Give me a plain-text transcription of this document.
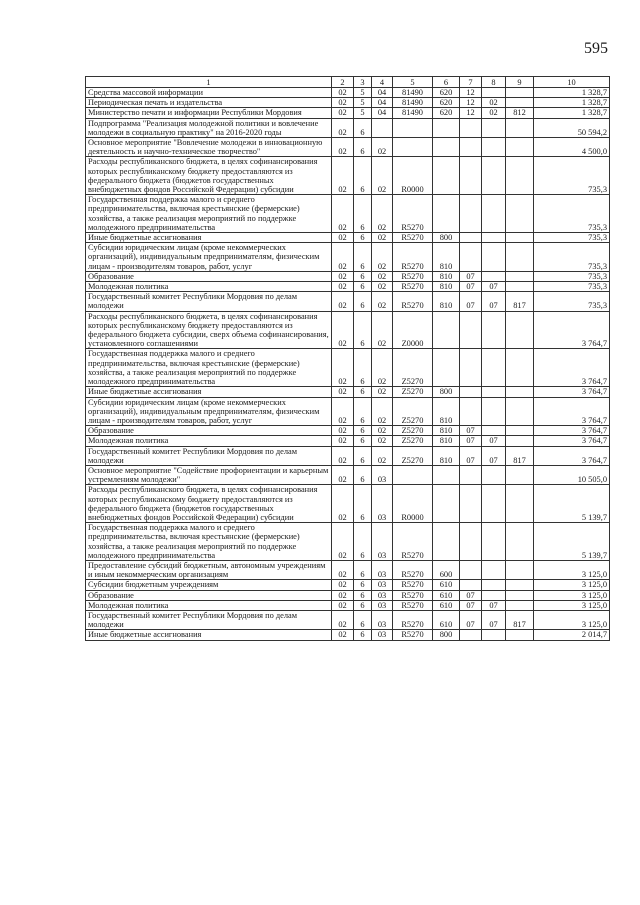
595
1	2	3	4	5	6	7	8	9	10
Средства массовой информации	02	5	04	81490	620	12			1 328,7
Периодическая печать и издательства	02	5	04	81490	620	12	02		1 328,7
Министерство печати и информации Республики Мордовия	02	5	04	81490	620	12	02	812	1 328,7
Подпрограмма "Реализация молодежной политики и вовлечение молодежи в социальную практику" на 2016-2020 годы	02	6							50 594,2
Основное мероприятие "Вовлечение молодежи в инновационную деятельность и научно-техническое творчество"	02	6	02						4 500,0
Расходы республиканского бюджета, в целях софинансирования которых республиканскому бюджету предоставляются из федерального бюджета (бюджетов государственных внебюджетных фондов Российской Федерации) субсидии	02	6	02	R0000					735,3
Государственная поддержка малого и среднего предпринимательства, включая крестьянские (фермерские) хозяйства, а также реализация мероприятий по поддержке молодежного предпринимательства	02	6	02	R5270					735,3
Иные бюджетные ассигнования	02	6	02	R5270	800				735,3
Субсидии юридическим лицам (кроме некоммерческих организаций), индивидуальным предпринимателям, физическим лицам - производителям товаров, работ, услуг	02	6	02	R5270	810				735,3
Образование	02	6	02	R5270	810	07			735,3
Молодежная политика	02	6	02	R5270	810	07	07		735,3
Государственный комитет Республики Мордовия по делам молодежи	02	6	02	R5270	810	07	07	817	735,3
Расходы республиканского бюджета, в целях софинансирования которых республиканскому бюджету предоставляются из федерального бюджета субсидии, сверх объема софинансирования, установленного соглашениями	02	6	02	Z0000					3 764,7
Государственная поддержка малого и среднего предпринимательства, включая крестьянские (фермерские) хозяйства, а также реализация мероприятий по поддержке молодежного предпринимательства	02	6	02	Z5270					3 764,7
Иные бюджетные ассигнования	02	6	02	Z5270	800				3 764,7
Субсидии юридическим лицам (кроме некоммерческих организаций), индивидуальным предпринимателям, физическим лицам - производителям товаров, работ, услуг	02	6	02	Z5270	810				3 764,7
Образование	02	6	02	Z5270	810	07			3 764,7
Молодежная политика	02	6	02	Z5270	810	07	07		3 764,7
Государственный комитет Республики Мордовия по делам молодежи	02	6	02	Z5270	810	07	07	817	3 764,7
Основное мероприятие "Содействие профориентации и карьерным устремлениям молодежи"	02	6	03						10 505,0
Расходы республиканского бюджета, в целях софинансирования которых республиканскому бюджету предоставляются из федерального бюджета (бюджетов государственных внебюджетных фондов Российской Федерации) субсидии	02	6	03	R0000					5 139,7
Государственная поддержка малого и среднего предпринимательства, включая крестьянские (фермерские) хозяйства, а также реализация мероприятий по поддержке молодежного предпринимательства	02	6	03	R5270					5 139,7
Предоставление субсидий бюджетным, автономным учреждениям и иным некоммерческим организациям	02	6	03	R5270	600				3 125,0
Субсидии бюджетным учреждениям	02	6	03	R5270	610				3 125,0
Образование	02	6	03	R5270	610	07			3 125,0
Молодежная политика	02	6	03	R5270	610	07	07		3 125,0
Государственный комитет Республики Мордовия по делам молодежи	02	6	03	R5270	610	07	07	817	3 125,0
Иные бюджетные ассигнования	02	6	03	R5270	800				2 014,7
